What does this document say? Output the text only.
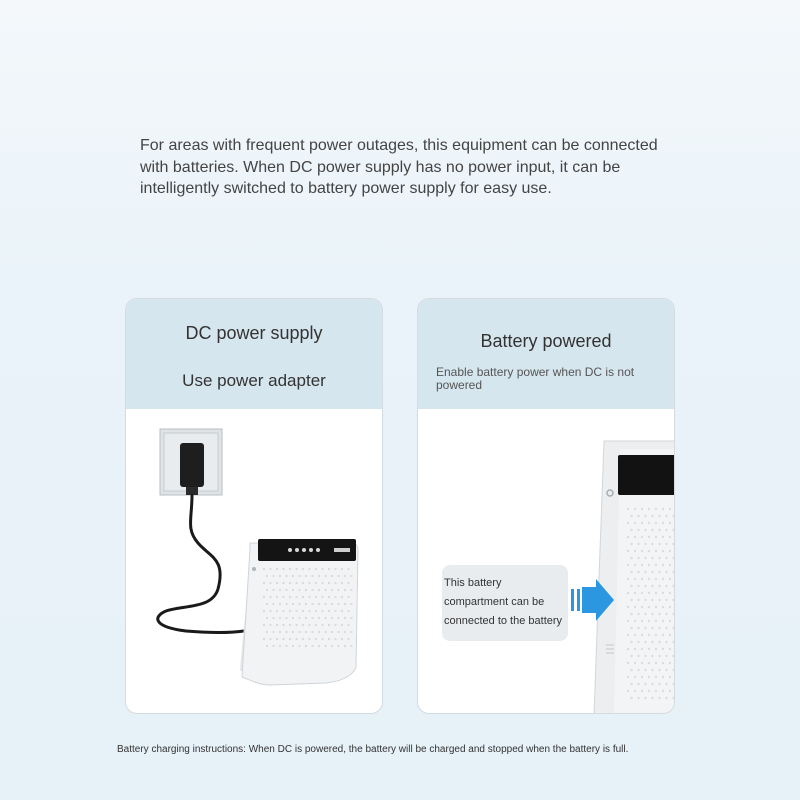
For areas with frequent power outages, this equipment can be connected with batteries. When DC power supply has no power input, it can be intelligently switched to battery power supply for easy use.

DC power supply
Use power adapter
Battery powered
Enable battery power when DC is not powered
This battery
compartment can be
connected to the battery

Battery charging instructions: When DC is powered, the battery will be charged and stopped when the battery is full.
